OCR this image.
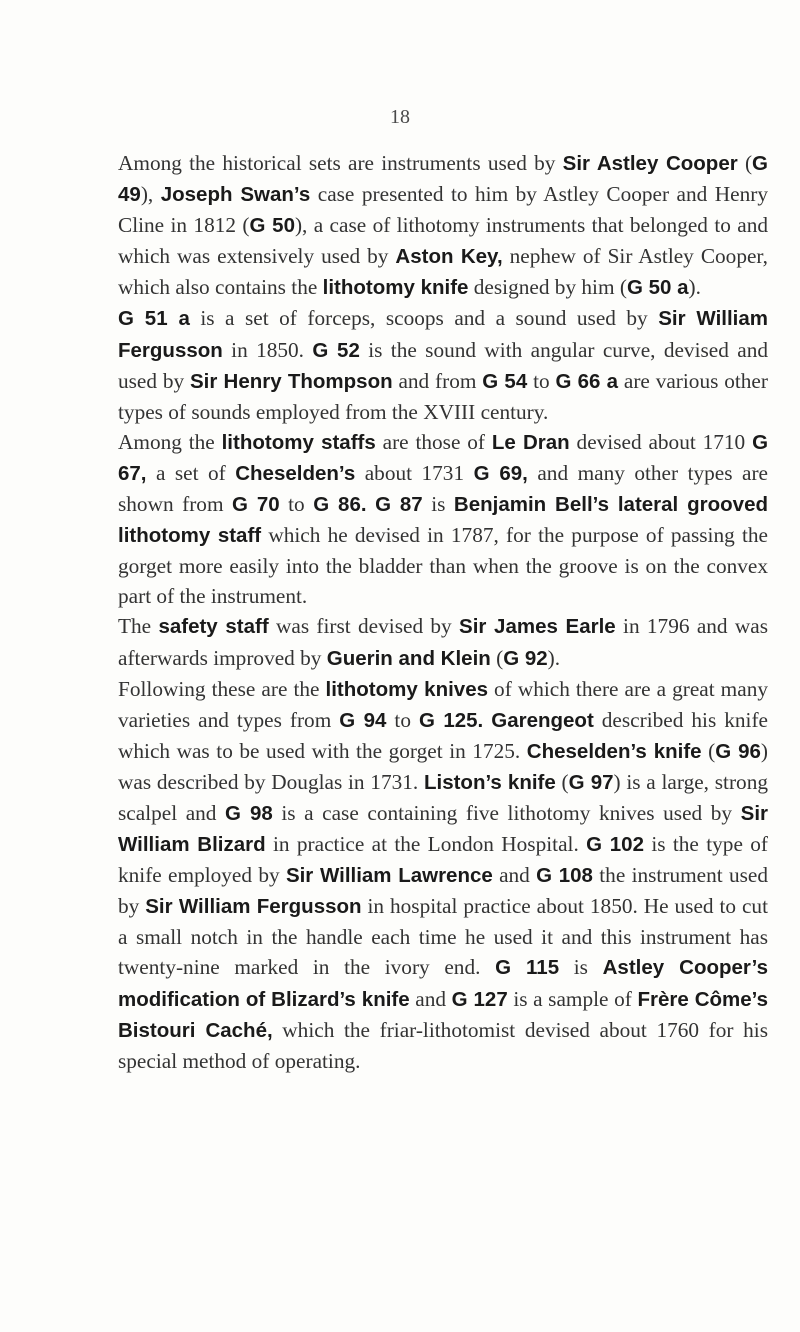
18

Among the historical sets are instruments used by Sir Astley Cooper (G 49), Joseph Swan’s case presented to him by Astley Cooper and Henry Cline in 1812 (G 50), a case of lithotomy instruments that belonged to and which was extensively used by Aston Key, nephew of Sir Astley Cooper, which also contains the lithotomy knife designed by him (G 50 a).

G 51 a is a set of forceps, scoops and a sound used by Sir William Fergusson in 1850. G 52 is the sound with angular curve, devised and used by Sir Henry Thompson and from G 54 to G 66 a are various other types of sounds employed from the XVIII century.

Among the lithotomy staffs are those of Le Dran devised about 1710 G 67, a set of Cheselden’s about 1731 G 69, and many other types are shown from G 70 to G 86. G 87 is Benjamin Bell’s lateral grooved lithotomy staff which he devised in 1787, for the purpose of passing the gorget more easily into the bladder than when the groove is on the convex part of the instrument.

The safety staff was first devised by Sir James Earle in 1796 and was afterwards improved by Guerin and Klein (G 92).

Following these are the lithotomy knives of which there are a great many varieties and types from G 94 to G 125. Garengeot described his knife which was to be used with the gorget in 1725. Cheselden’s knife (G 96) was described by Douglas in 1731. Liston’s knife (G 97) is a large, strong scalpel and G 98 is a case containing five lithotomy knives used by Sir William Blizard in practice at the London Hospital. G 102 is the type of knife employed by Sir William Lawrence and G 108 the instrument used by Sir William Fergusson in hospital practice about 1850. He used to cut a small notch in the handle each time he used it and this instrument has twenty-nine marked in the ivory end. G 115 is Astley Cooper’s modification of Blizard’s knife and G 127 is a sample of Frère Côme’s Bistouri Caché, which the friar-lithotomist devised about 1760 for his special method of operating.
